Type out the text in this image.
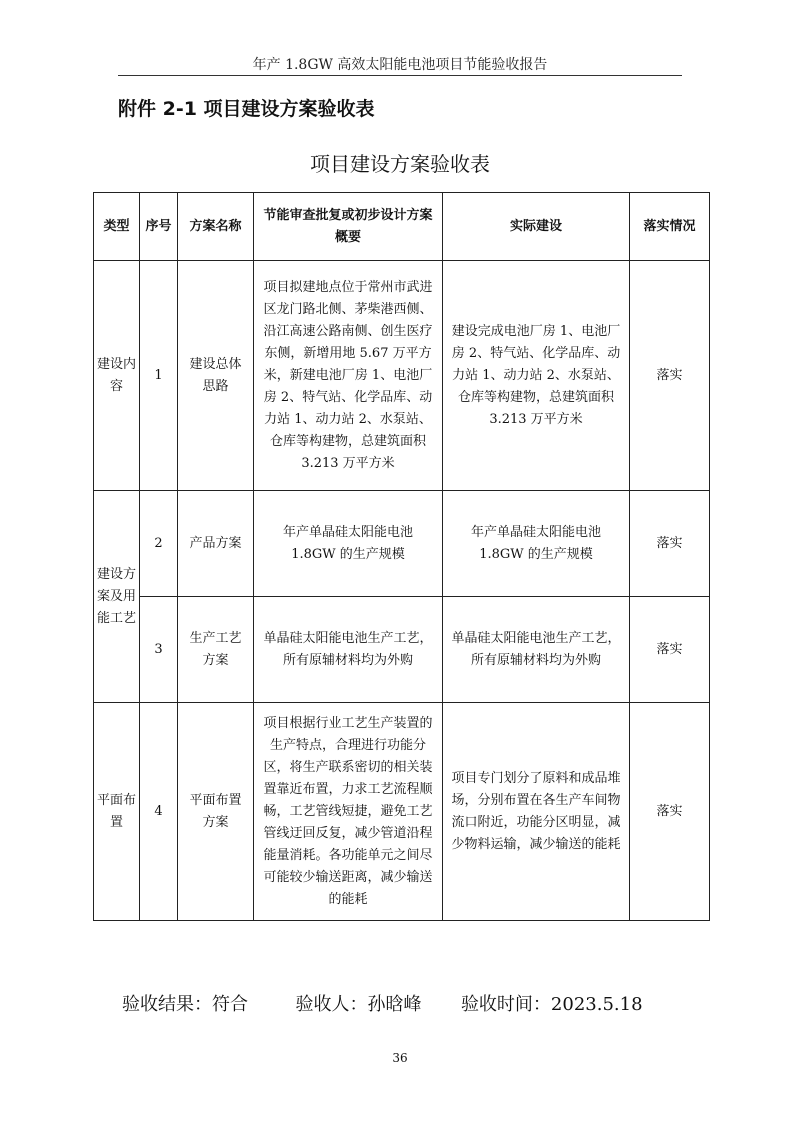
年产 1.8GW 高效太阳能电池项目节能验收报告
附件 2-1 项目建设方案验收表
项目建设方案验收表
类型	序号	方案名称	节能审查批复或初步设计方案概要	实际建设	落实情况
建设内容	1	建设总体思路	项目拟建地点位于常州市武进区龙门路北侧、茅柴港西侧、沿江高速公路南侧、创生医疗东侧，新增用地 5.67 万平方米，新建电池厂房 1、电池厂房 2、特气站、化学品库、动力站 1、动力站 2、水泵站、仓库等构建物，总建筑面积 3.213 万平方米	建设完成电池厂房 1、电池厂房 2、特气站、化学品库、动力站 1、动力站 2、水泵站、仓库等构建物，总建筑面积 3.213 万平方米	落实
建设方案及用能工艺	2	产品方案	年产单晶硅太阳能电池 1.8GW 的生产规模	年产单晶硅太阳能电池 1.8GW 的生产规模	落实
	3	生产工艺方案	单晶硅太阳能电池生产工艺，所有原辅材料均为外购	单晶硅太阳能电池生产工艺，所有原辅材料均为外购	落实
平面布置	4	平面布置方案	项目根据行业工艺生产装置的生产特点，合理进行功能分区，将生产联系密切的相关装置靠近布置，力求工艺流程顺畅，工艺管线短捷，避免工艺管线迂回反复，减少管道沿程能量消耗。各功能单元之间尽可能较少输送距离，减少输送的能耗	项目专门划分了原料和成品堆场，分别布置在各生产车间物流口附近，功能分区明显，减少物料运输，减少输送的能耗	落实
验收结果：符合	验收人：孙晗峰 验收时间：2023.5.18
36
